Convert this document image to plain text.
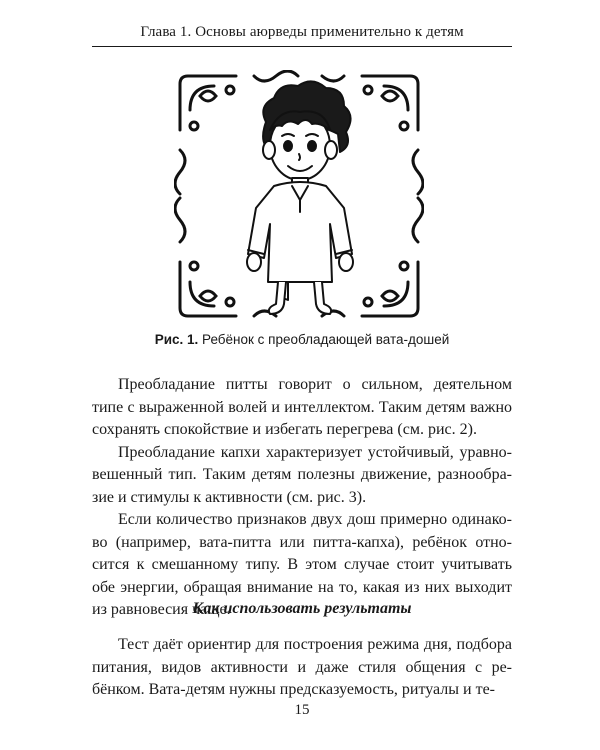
Глава 1. Основы аюрведы применительно к детям
Рис. 1. Ребёнок с преобладающей вата-дошей

Преобладание питты говорит о сильном, деятельном типе с выраженной волей и интеллектом. Таким детям важно сохранять спокойствие и избегать перегрева (см. рис. 2).

Преобладание капхи характеризует устойчивый, уравновешенный тип. Таким детям полезны движение, разнообразие и стимулы к активности (см. рис. 3).

Если количество признаков двух дош примерно одинаково (например, вата-питта или питта-капха), ребёнок относится к смешанному типу. В этом случае стоит учитывать обе энергии, обращая внимание на то, какая из них выходит из равновесия чаще.

Как использовать результаты

Тест даёт ориентир для построения режима дня, подбора питания, видов активности и даже стиля общения с ребёнком. Вата-детям нужны предсказуемость, ритуалы и те-

15
